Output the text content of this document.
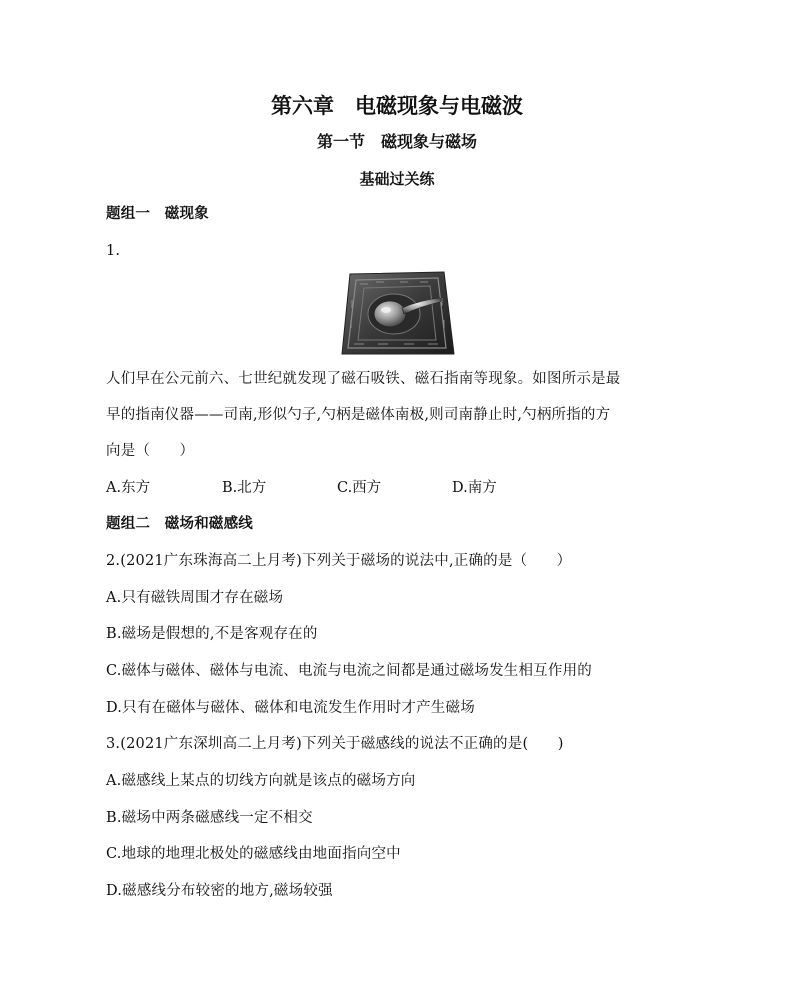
第六章　电磁现象与电磁波
第一节　磁现象与磁场
基础过关练
题组一　磁现象
1.
人们早在公元前六、七世纪就发现了磁石吸铁、磁石指南等现象。如图所示是最
早的指南仪器——司南,形似勺子,勺柄是磁体南极,则司南静止时,勺柄所指的方
向是（　　）
A.东方	B.北方	C.西方	D.南方
题组二　磁场和磁感线
2.(2021广东珠海高二上月考)下列关于磁场的说法中,正确的是（　　）
A.只有磁铁周围才存在磁场
B.磁场是假想的,不是客观存在的
C.磁体与磁体、磁体与电流、电流与电流之间都是通过磁场发生相互作用的
D.只有在磁体与磁体、磁体和电流发生作用时才产生磁场
3.(2021广东深圳高二上月考)下列关于磁感线的说法不正确的是(　　)
A.磁感线上某点的切线方向就是该点的磁场方向
B.磁场中两条磁感线一定不相交
C.地球的地理北极处的磁感线由地面指向空中
D.磁感线分布较密的地方,磁场较强
